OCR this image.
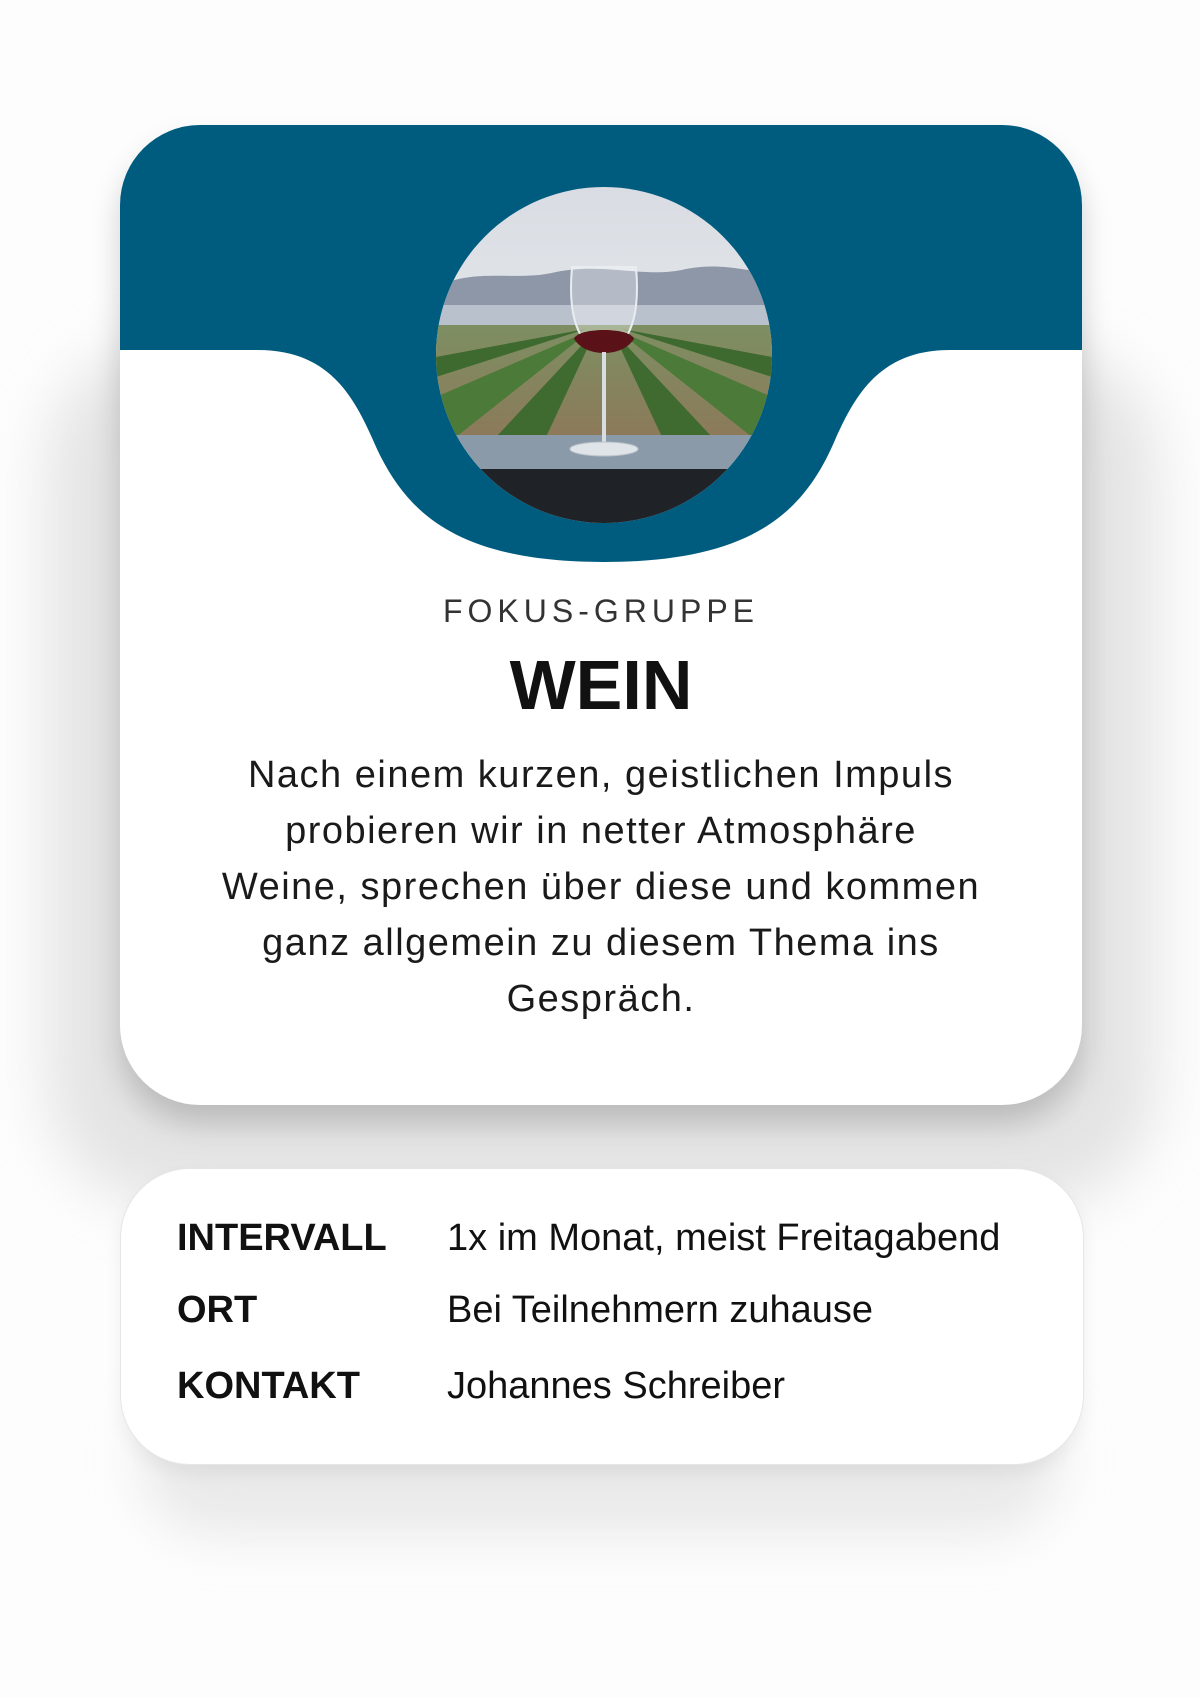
FOKUS-GRUPPE
WEIN
Nach einem kurzen, geistlichen Impuls probieren wir in netter Atmosphäre Weine, sprechen über diese und kommen ganz allgemein zu diesem Thema ins Gespräch.
INTERVALL 1x im Monat, meist Freitagabend
ORT	Bei Teilnehmern zuhause
KONTAKT Johannes Schreiber
